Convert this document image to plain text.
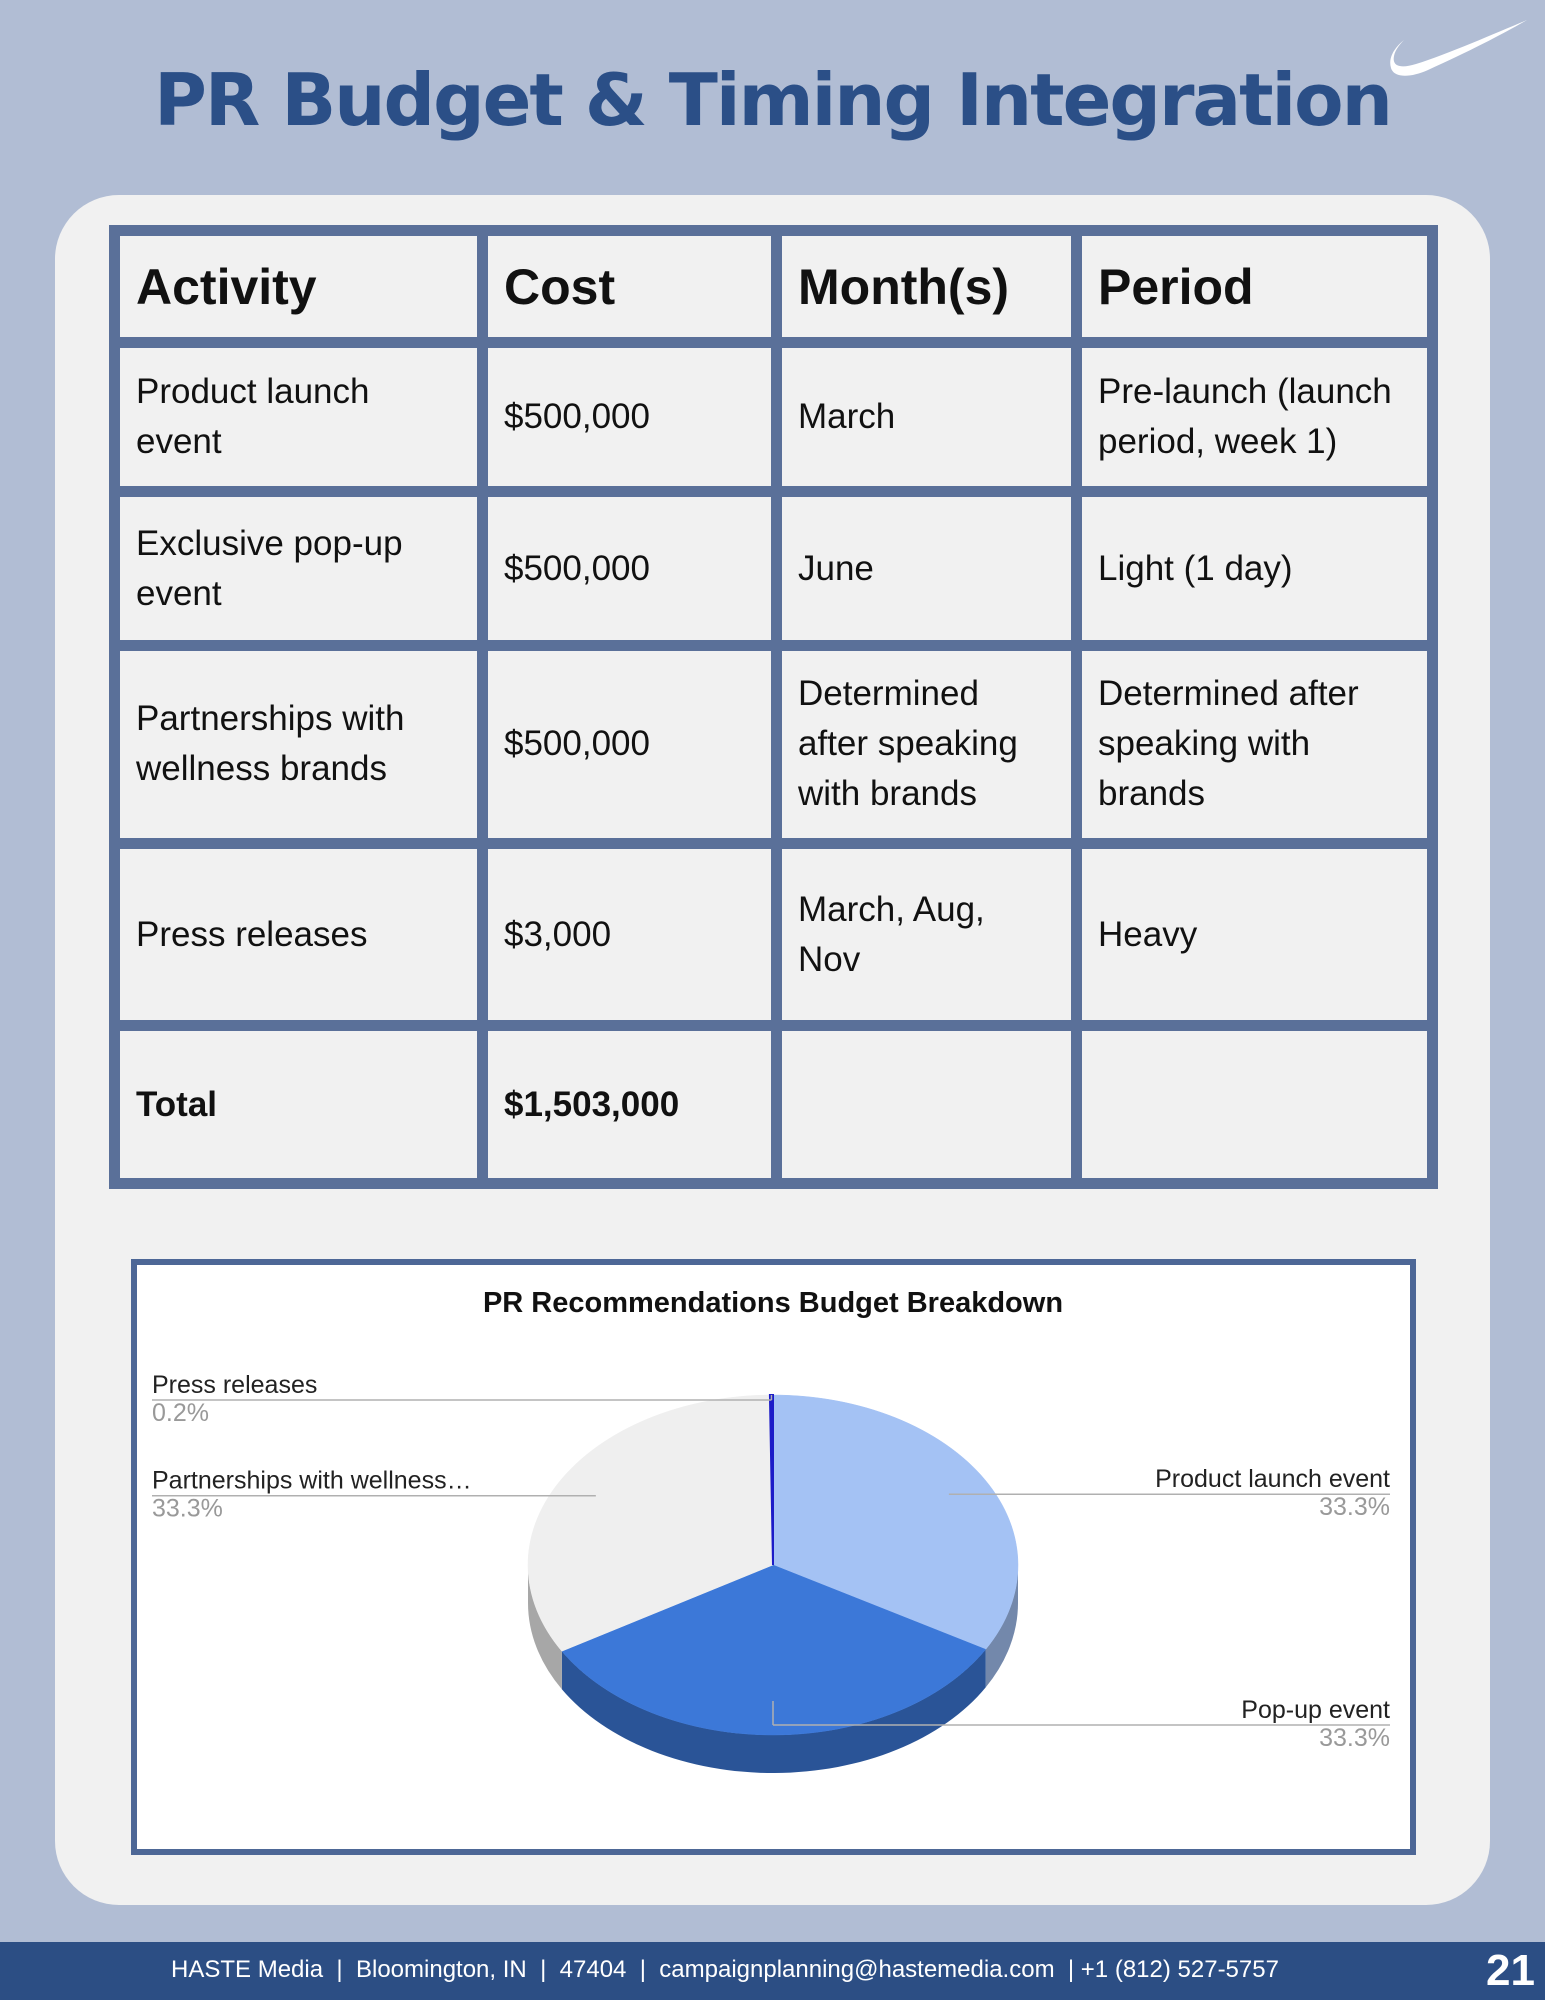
PR Budget & Timing Integration
Activity	Cost	Month(s)	Period
Product launch event	$500,000	March	Pre-launch (launch period, week 1)
Exclusive pop-up event	$500,000	June	Light (1 day)
Partnerships with wellness brands	$500,000	Determined after speaking with brands	Determined after speaking with brands
Press releases	$3,000	March, Aug, Nov	Heavy
Total	$1,503,000		
PR Recommendations Budget Breakdown
Product launch event
33.3%
Pop-up event
33.3%
Partnerships with wellness…
33.3%
Press releases
0.2%
HASTE Media  |  Bloomington, IN  |  47404  |  campaignplanning@hastemedia.com  | +1 (812) 527-5757	21
